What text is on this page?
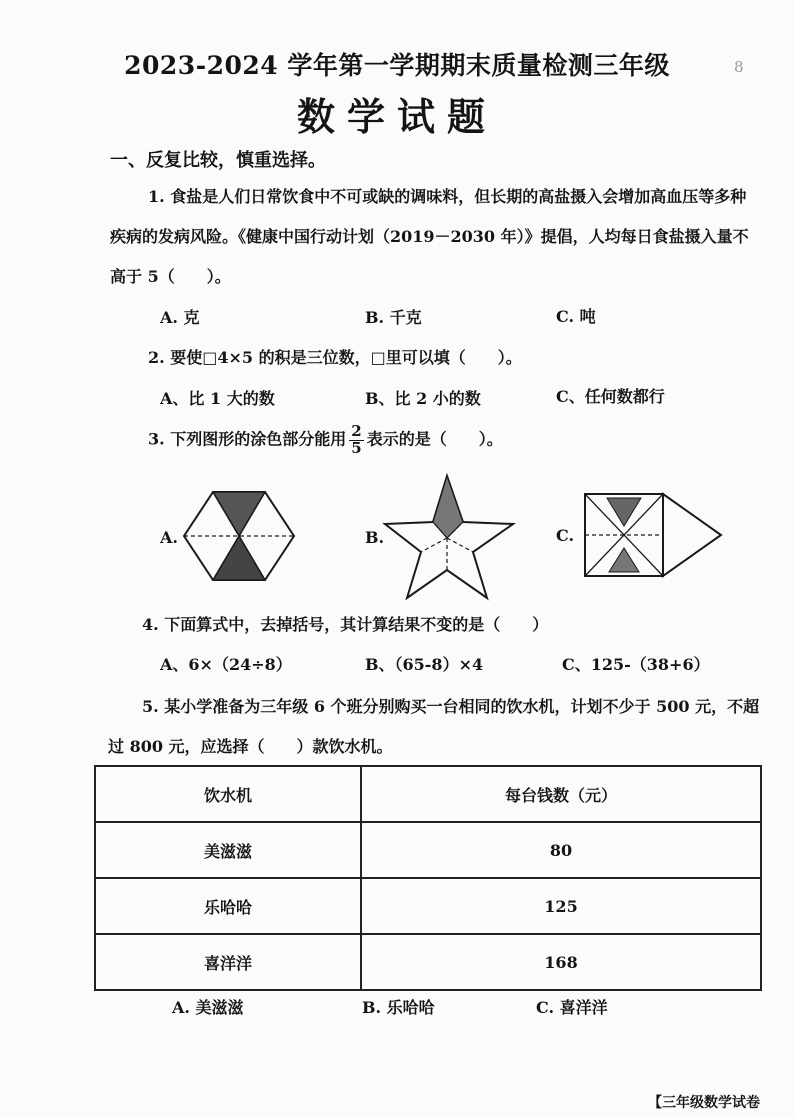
2023-2024 学年第一学期期末质量检测三年级	8
数学试题
一、反复比较，慎重选择。
1. 食盐是人们日常饮食中不可或缺的调味料，但长期的高盐摄入会增加高血压等多种
疾病的发病风险。《健康中国行动计划（2019－2030 年）》提倡，人均每日食盐摄入量不
高于 5（　　）。
A. 克	B. 千克	C. 吨
2. 要使□4×5 的积是三位数，□里可以填（　　）。
A、比 1 大的数	B、比 2 小的数	C、任何数都行
3. 下列图形的涂色部分能用 $\frac{2}{5}$ 表示的是（　　）。
A.	B.	C.
4. 下面算式中，去掉括号，其计算结果不变的是（　　）
A、6×（24÷8）	B、（65-8）×4	C、125-（38+6）
5. 某小学准备为三年级 6 个班分别购买一台相同的饮水机，计划不少于 500 元，不超
过 800 元，应选择（　　）款饮水机。
饮水机	每台钱数（元）
美滋滋	80
乐哈哈	125
喜洋洋	168
A. 美滋滋	B. 乐哈哈	C. 喜洋洋
【三年级数学试卷
